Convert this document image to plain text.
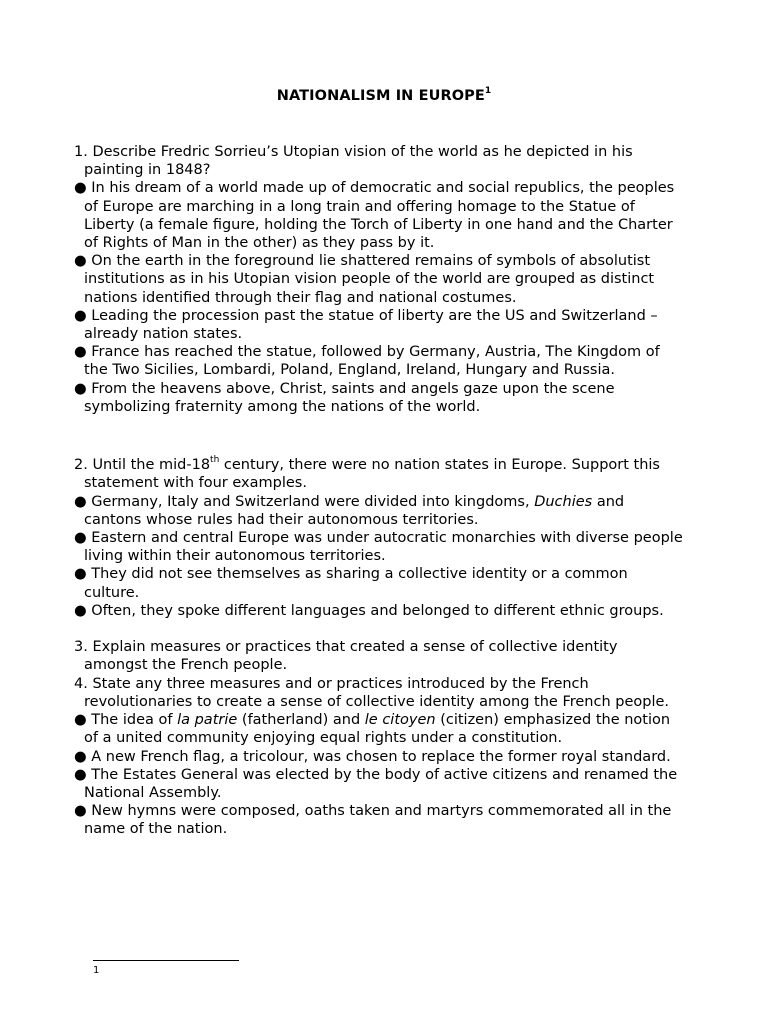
NATIONALISM IN EUROPE$^1$

1. Describe Fredric Sorrieu’s Utopian vision of the world as he depicted in his painting in 1848?

● In his dream of a world made up of democratic and social republics, the peoples of Europe are marching in a long train and offering homage to the Statue of Liberty (a female figure, holding the Torch of Liberty in one hand and the Charter of Rights of Man in the other) as they pass by it.

● On the earth in the foreground lie shattered remains of symbols of absolutist institutions as in his Utopian vision people of the world are grouped as distinct nations identified through their flag and national costumes.

● Leading the procession past the statue of liberty are the US and Switzerland – already nation states.

● France has reached the statue, followed by Germany, Austria, The Kingdom of the Two Sicilies, Lombardi, Poland, England, Ireland, Hungary and Russia.

● From the heavens above, Christ, saints and angels gaze upon the scene symbolizing fraternity among the nations of the world.

2. Until the mid-18th century, there were no nation states in Europe. Support this statement with four examples.

● Germany, Italy and Switzerland were divided into kingdoms, Duchies and cantons whose rules had their autonomous territories.

● Eastern and central Europe was under autocratic monarchies with diverse people living within their autonomous territories.

● They did not see themselves as sharing a collective identity or a common culture.

● Often, they spoke different languages and belonged to different ethnic groups.

3. Explain measures or practices that created a sense of collective identity amongst the French people.

4. State any three measures and or practices introduced by the French revolutionaries to create a sense of collective identity among the French people.

● The idea of la patrie (fatherland) and le citoyen (citizen) emphasized the notion of a united community enjoying equal rights under a constitution.

● A new French flag, a tricolour, was chosen to replace the former royal standard.

● The Estates General was elected by the body of active citizens and renamed the National Assembly.

● New hymns were composed, oaths taken and martyrs commemorated all in the name of the nation.

1
